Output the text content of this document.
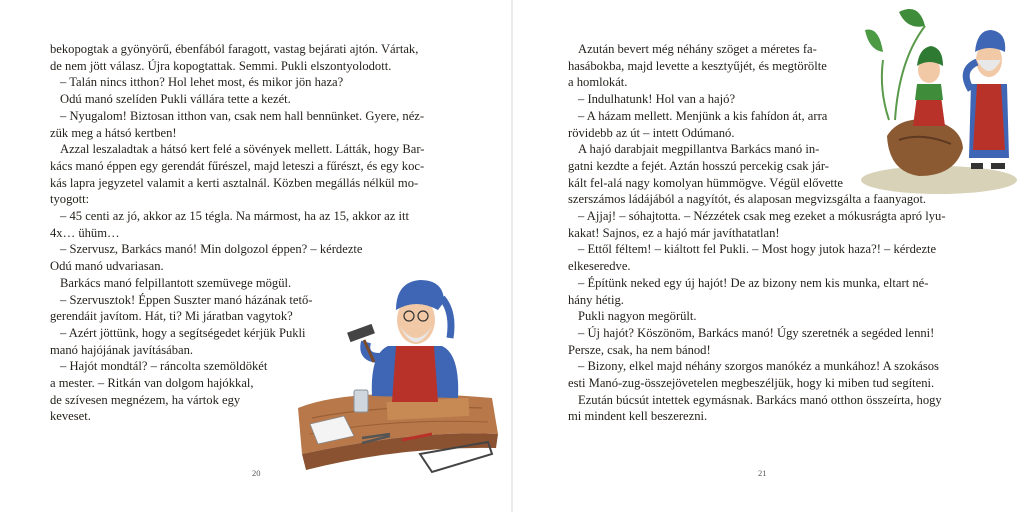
bekopogtak a gyönyörű, ébenfából faragott, vastag bejárati ajtón. Vártak,
de nem jött válasz. Újra kopogtattak. Semmi. Pukli elszontyolodott.
– Talán nincs itthon? Hol lehet most, és mikor jön haza?
Odú manó szelíden Pukli vállára tette a kezét.
– Nyugalom! Biztosan itthon van, csak nem hall bennünket. Gyere, néz-
zük meg a hátsó kertben!
Azzal leszaladtak a hátsó kert felé a sövények mellett. Látták, hogy Bar-
kács manó éppen egy gerendát fűrészel, majd leteszi a fűrészt, és egy koc-
kás lapra jegyzetel valamit a kerti asztalnál. Közben megállás nélkül mo-
tyogott:
– 45 centi az jó, akkor az 15 tégla. Na mármost, ha az 15, akkor az itt
4x… ühüm…
– Szervusz, Barkács manó! Min dolgozol éppen? – kérdezte
Odú manó udvariasan.
Barkács manó felpillantott szemüvege mögül.
– Szervusztok! Éppen Suszter manó házának tető-
gerendáit javítom. Hát, ti? Mi járatban vagytok?
– Azért jöttünk, hogy a segítségedet kérjük Pukli
manó hajójának javításában.
– Hajót mondtál? – ráncolta szemöldökét
a mester. – Ritkán van dolgom hajókkal,
de szívesen megnézem, ha vártok egy
keveset.
20
Azután bevert még néhány szöget a méretes fa-
hasábokba, majd levette a kesztyűjét, és megtörölte
a homlokát.
– Indulhatunk! Hol van a hajó?
– A házam mellett. Menjünk a kis fahídon át, arra
rövidebb az út – intett Odúmanó.
A hajó darabjait megpillantva Barkács manó in-
gatni kezdte a fejét. Aztán hosszú percekig csak jár-
kált fel-alá nagy komolyan hümmögve. Végül elővette
szerszámos ládájából a nagyítót, és alaposan megvizsgálta a faanyagot.
– Ajjaj! – sóhajtotta. – Nézzétek csak meg ezeket a mókusrágta apró lyu-
kakat! Sajnos, ez a hajó már javíthatatlan!
– Ettől féltem! – kiáltott fel Pukli. – Most hogy jutok haza?! – kérdezte
elkeseredve.
– Építünk neked egy új hajót! De az bizony nem kis munka, eltart né-
hány hétig.
Pukli nagyon megörült.
– Új hajót? Köszönöm, Barkács manó! Úgy szeretnék a segéded lenni!
Persze, csak, ha nem bánod!
– Bizony, elkel majd néhány szorgos manókéz a munkához! A szokásos
esti Manó-zug-összejövetelen megbeszéljük, hogy ki miben tud segíteni.
Ezután búcsút intettek egymásnak. Barkács manó otthon összeírta, hogy
mi mindent kell beszerezni.
21
